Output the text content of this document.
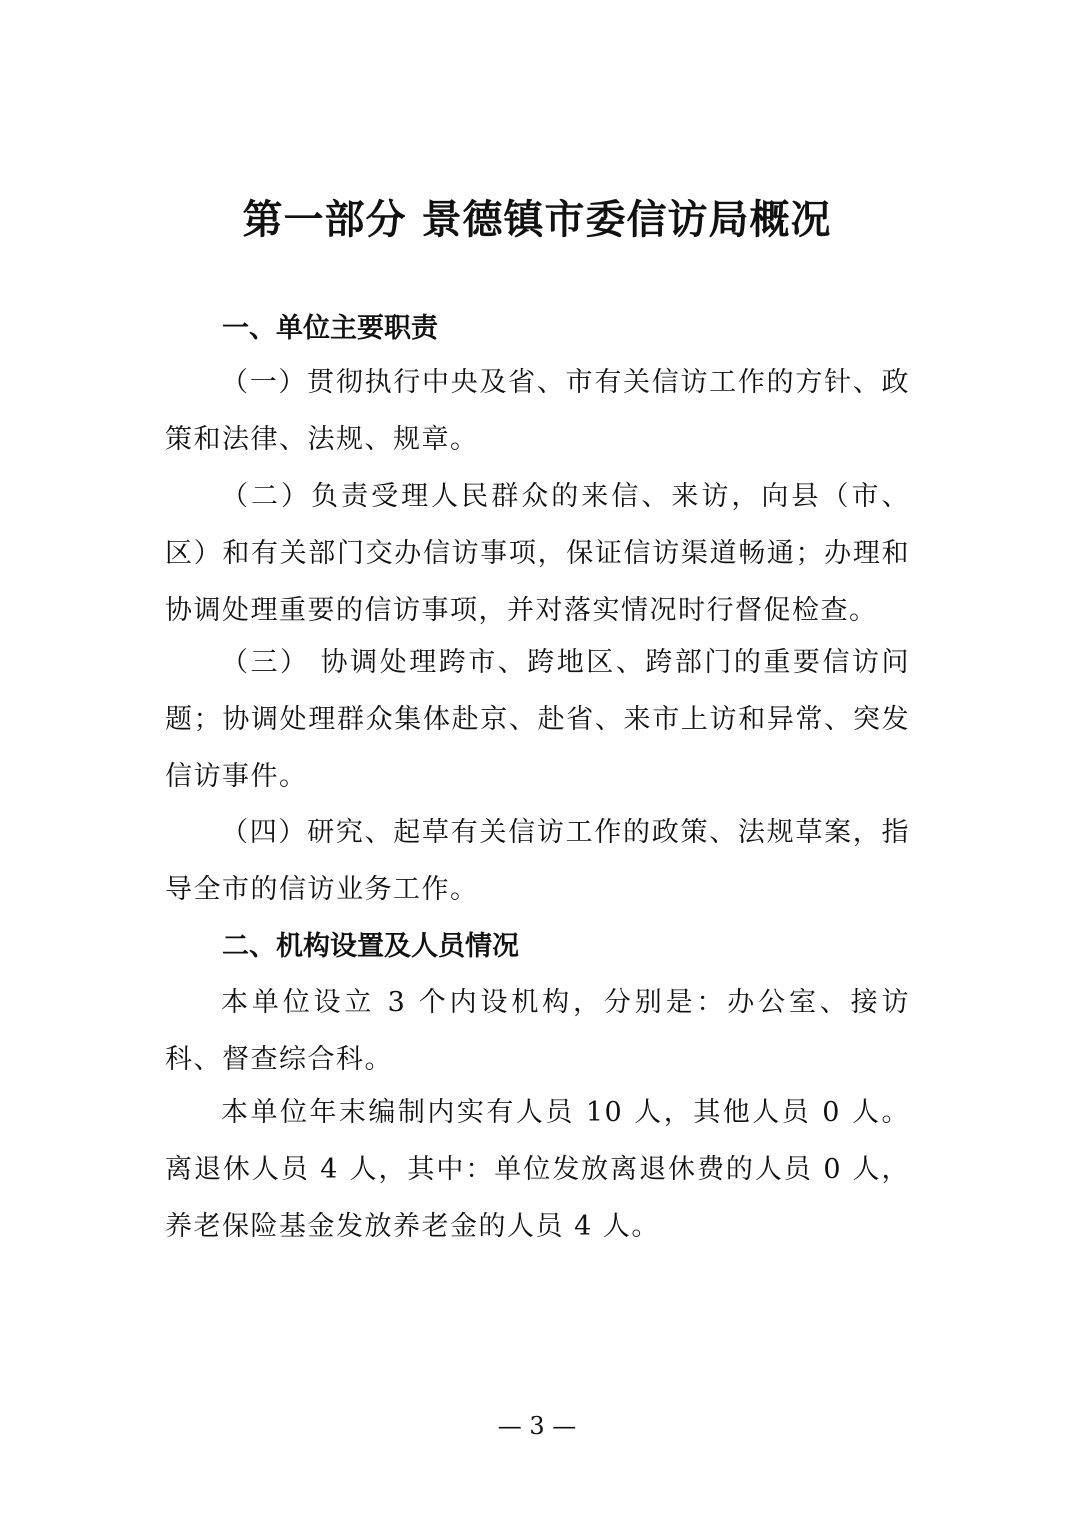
第一部分 景德镇市委信访局概况
一、单位主要职责

（一）贯彻执行中央及省、市有关信访工作的方针、政策和法律、法规、规章。

（二）负责受理人民群众的来信、来访，向县（市、区）和有关部门交办信访事项，保证信访渠道畅通；办理和协调处理重要的信访事项，并对落实情况时行督促检查。

（三） 协调处理跨市、跨地区、跨部门的重要信访问题；协调处理群众集体赴京、赴省、来市上访和异常、突发信访事件。

（四）研究、起草有关信访工作的政策、法规草案，指导全市的信访业务工作。

二、机构设置及人员情况

本单位设立 3 个内设机构，分别是：办公室、接访科、督查综合科。

本单位年末编制内实有人员 10 人，其他人员 0 人。离退休人员 4 人，其中：单位发放离退休费的人员 0 人，养老保险基金发放养老金的人员 4 人。

— 3 —
